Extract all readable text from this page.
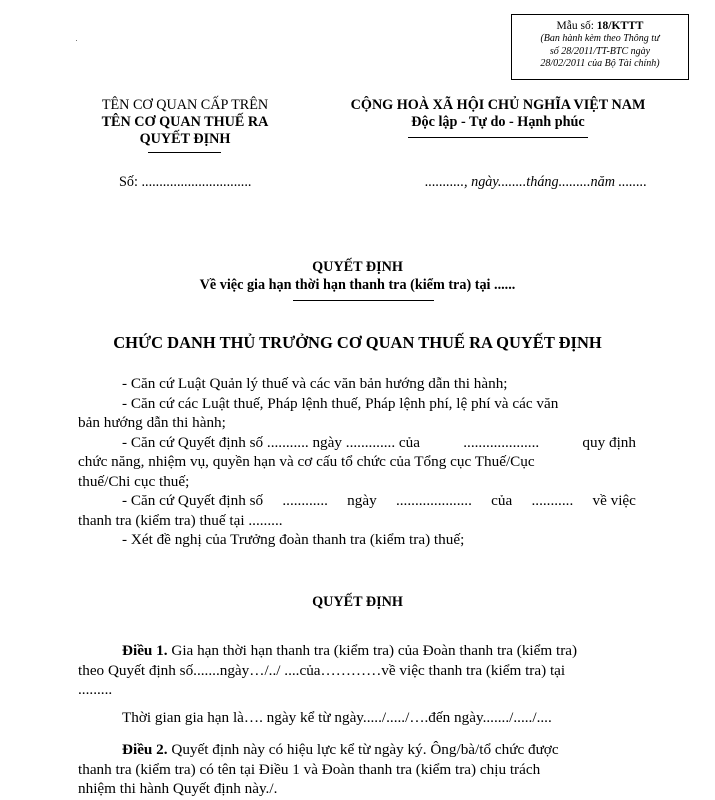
Mẫu số: 18/KTTT
(Ban hành kèm theo Thông tư
số 28/2011/TT-BTC ngày
28/02/2011 của Bộ Tài chính)
TÊN CƠ QUAN CẤP TRÊN
TÊN CƠ QUAN THUẾ RA
QUYẾT ĐỊNH
CỘNG HOÀ XÃ HỘI CHỦ NGHĨA VIỆT NAM
Độc lập - Tự do - Hạnh phúc
Số: ...............................	..........., ngày........tháng.........năm ........
QUYẾT ĐỊNH
Về việc gia hạn thời hạn thanh tra (kiểm tra) tại ......
CHỨC DANH THỦ TRƯỞNG CƠ QUAN THUẾ RA QUYẾT ĐỊNH
- Căn cứ Luật Quản lý thuế và các văn bản hướng dẫn thi hành;
- Căn cứ các Luật thuế, Pháp lệnh thuế, Pháp lệnh phí, lệ phí và các văn
bản hướng dẫn thi hành;
- Căn cứ Quyết định số ........... ngày ............. của	....................	quy định
chức năng, nhiệm vụ, quyền hạn và cơ cấu tổ chức của Tổng cục Thuế/Cục
thuế/Chi cục thuế;
- Căn cứ Quyết định số ............ ngày .................... của ........... về việc
thanh tra (kiểm tra) thuế tại .........
- Xét đề nghị của Trưởng đoàn thanh tra (kiểm tra) thuế;
QUYẾT ĐỊNH
Điều 1. Gia hạn thời hạn thanh tra (kiểm tra) của Đoàn thanh tra (kiểm tra)
theo Quyết định số.......ngày…/../ ....của…………về việc thanh tra (kiểm tra) tại
.........
Thời gian gia hạn là…. ngày kể từ ngày...../...../….đến ngày......./...../....
Điều 2. Quyết định này có hiệu lực kể từ ngày ký. Ông/bà/tổ chức được
thanh tra (kiểm tra) có tên tại Điều 1 và Đoàn thanh tra (kiểm tra) chịu trách
nhiệm thi hành Quyết định này./.
